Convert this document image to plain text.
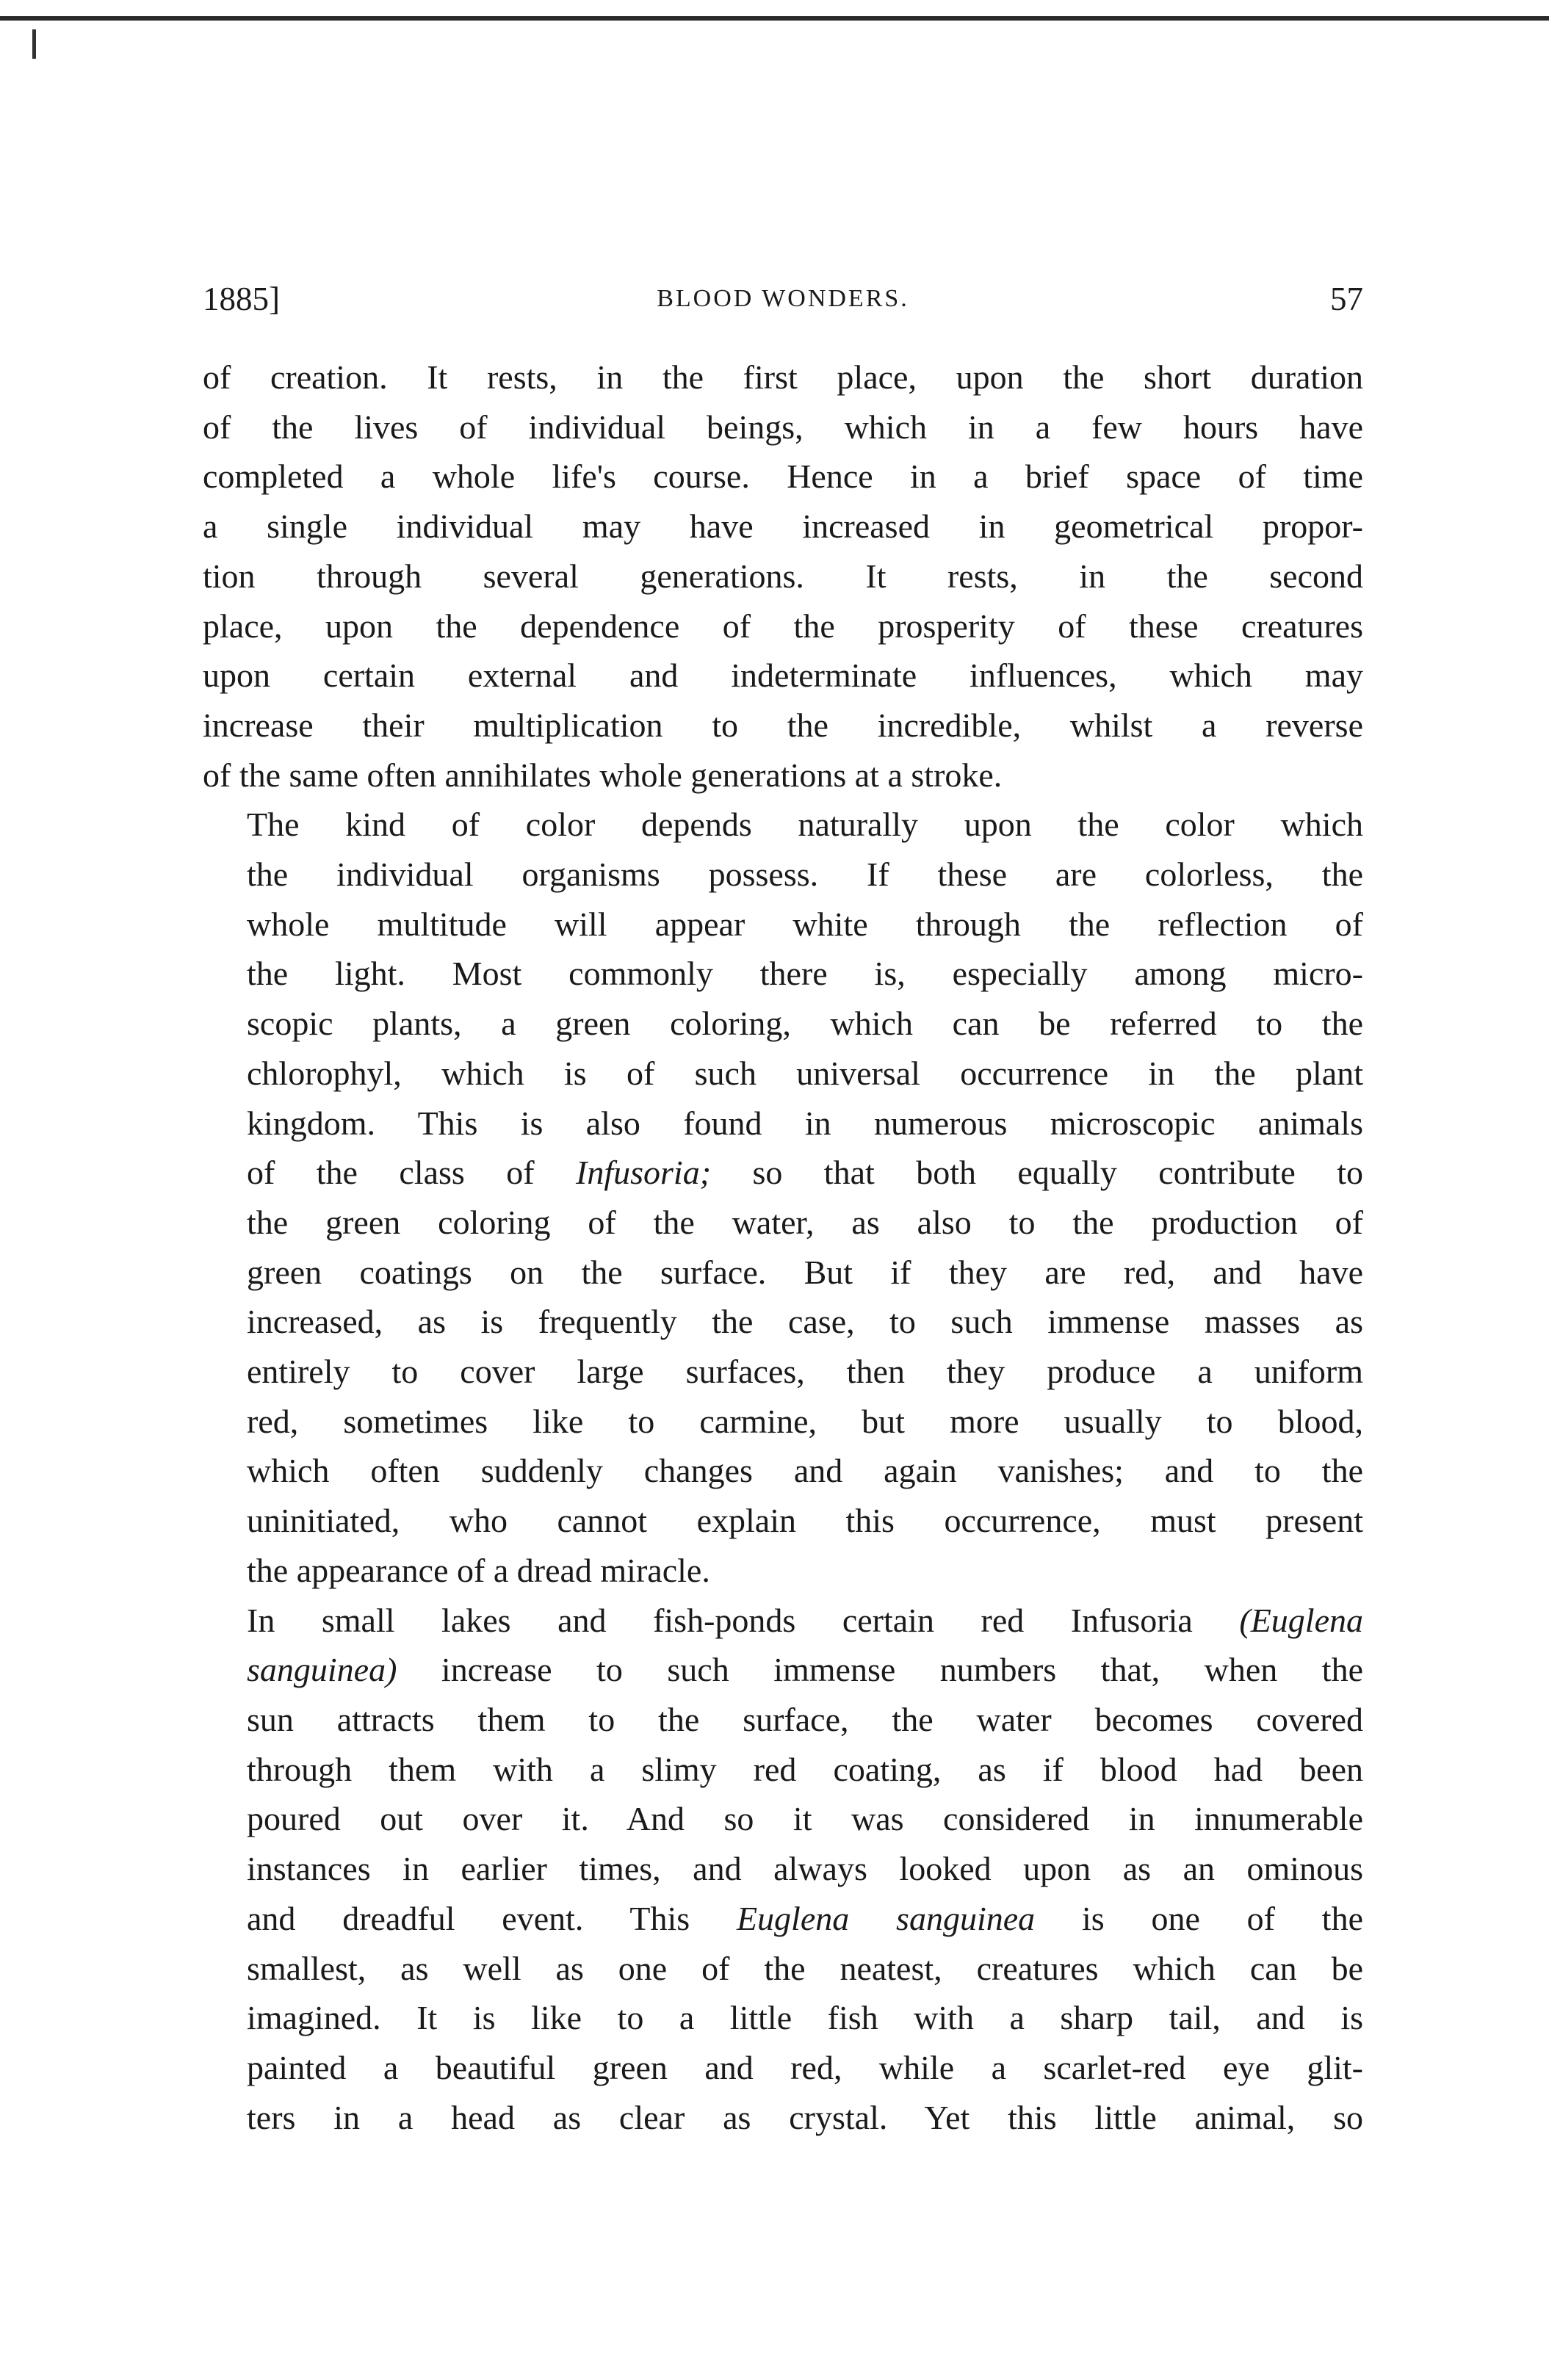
1885]	BLOOD WONDERS.	57

of creation. It rests, in the first place, upon the short duration
of the lives of individual beings, which in a few hours have
completed a whole life's course. Hence in a brief space of time
a single individual may have increased in geometrical propor-
tion through several generations. It rests, in the second
place, upon the dependence of the prosperity of these creatures
upon certain external and indeterminate influences, which may
increase their multiplication to the incredible, whilst a reverse
of the same often annihilates whole generations at a stroke.

The kind of color depends naturally upon the color which
the individual organisms possess. If these are colorless, the
whole multitude will appear white through the reflection of
the light. Most commonly there is, especially among micro-
scopic plants, a green coloring, which can be referred to the
chlorophyl, which is of such universal occurrence in the plant
kingdom. This is also found in numerous microscopic animals
of the class of Infusoria; so that both equally contribute to
the green coloring of the water, as also to the production of
green coatings on the surface. But if they are red, and have
increased, as is frequently the case, to such immense masses as
entirely to cover large surfaces, then they produce a uniform
red, sometimes like to carmine, but more usually to blood,
which often suddenly changes and again vanishes; and to the
uninitiated, who cannot explain this occurrence, must present
the appearance of a dread miracle.

In small lakes and fish-ponds certain red Infusoria (Euglena
sanguinea) increase to such immense numbers that, when the
sun attracts them to the surface, the water becomes covered
through them with a slimy red coating, as if blood had been
poured out over it. And so it was considered in innumerable
instances in earlier times, and always looked upon as an ominous
and dreadful event. This Euglena sanguinea is one of the
smallest, as well as one of the neatest, creatures which can be
imagined. It is like to a little fish with a sharp tail, and is
painted a beautiful green and red, while a scarlet-red eye glit-
ters in a head as clear as crystal. Yet this little animal, so
